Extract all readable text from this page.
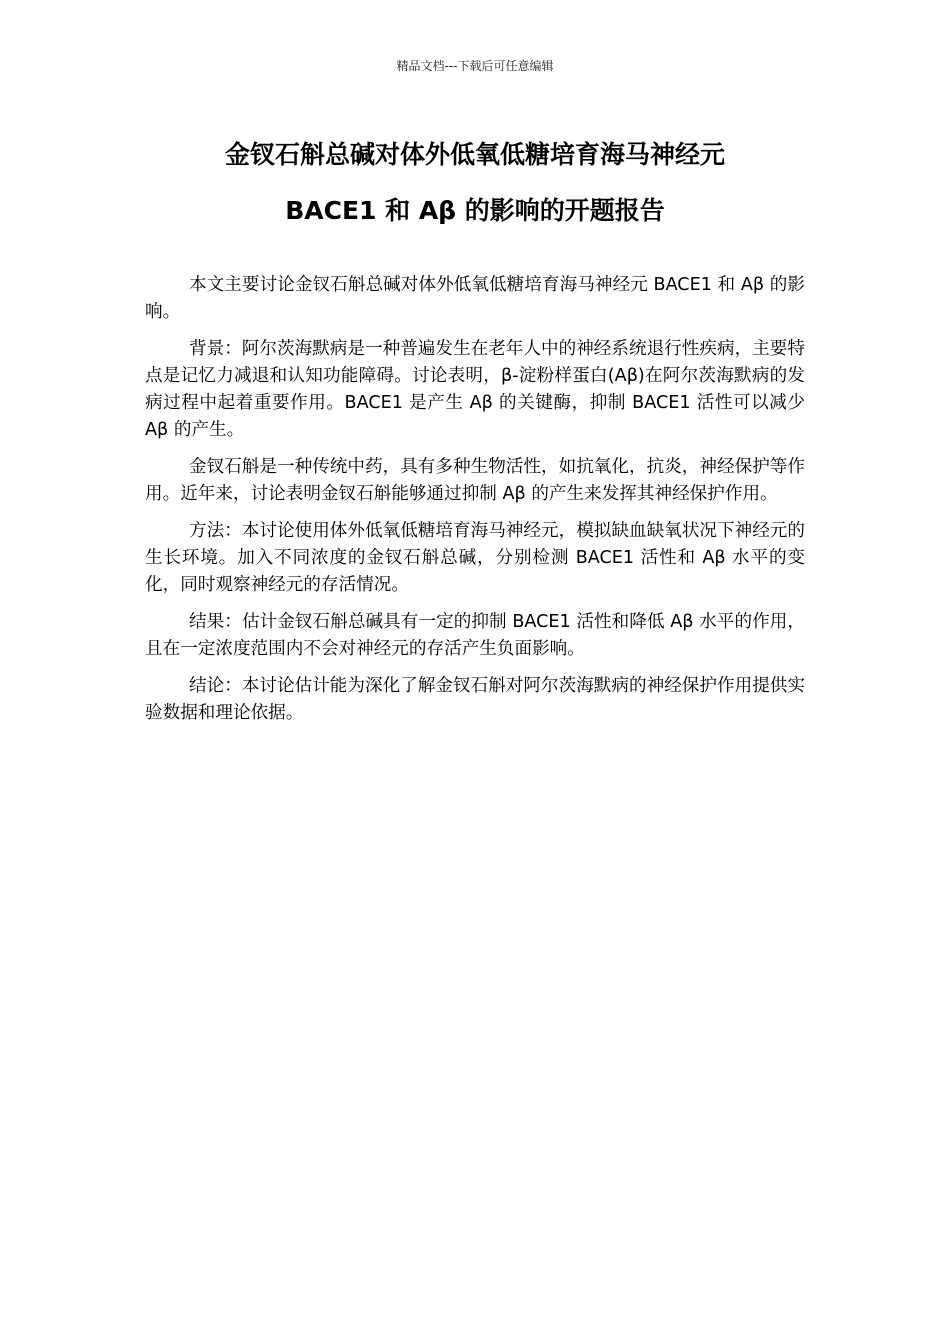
精品文档---下载后可任意编辑
金钗石斛总碱对体外低氧低糖培育海马神经元
BACE1 和 Aβ 的影响的开题报告

本文主要讨论金钗石斛总碱对体外低氧低糖培育海马神经元 BACE1 和 Aβ 的影响。

背景：阿尔茨海默病是一种普遍发生在老年人中的神经系统退行性疾病，主要特点是记忆力减退和认知功能障碍。讨论表明，β-淀粉样蛋白(Aβ)在阿尔茨海默病的发病过程中起着重要作用。BACE1 是产生 Aβ 的关键酶，抑制 BACE1 活性可以减少 Aβ 的产生。

金钗石斛是一种传统中药，具有多种生物活性，如抗氧化，抗炎，神经保护等作用。近年来，讨论表明金钗石斛能够通过抑制 Aβ 的产生来发挥其神经保护作用。

方法：本讨论使用体外低氧低糖培育海马神经元，模拟缺血缺氧状况下神经元的生长环境。加入不同浓度的金钗石斛总碱，分别检测 BACE1 活性和 Aβ 水平的变化，同时观察神经元的存活情况。

结果：估计金钗石斛总碱具有一定的抑制 BACE1 活性和降低 Aβ 水平的作用，且在一定浓度范围内不会对神经元的存活产生负面影响。

结论：本讨论估计能为深化了解金钗石斛对阿尔茨海默病的神经保护作用提供实验数据和理论依据。
